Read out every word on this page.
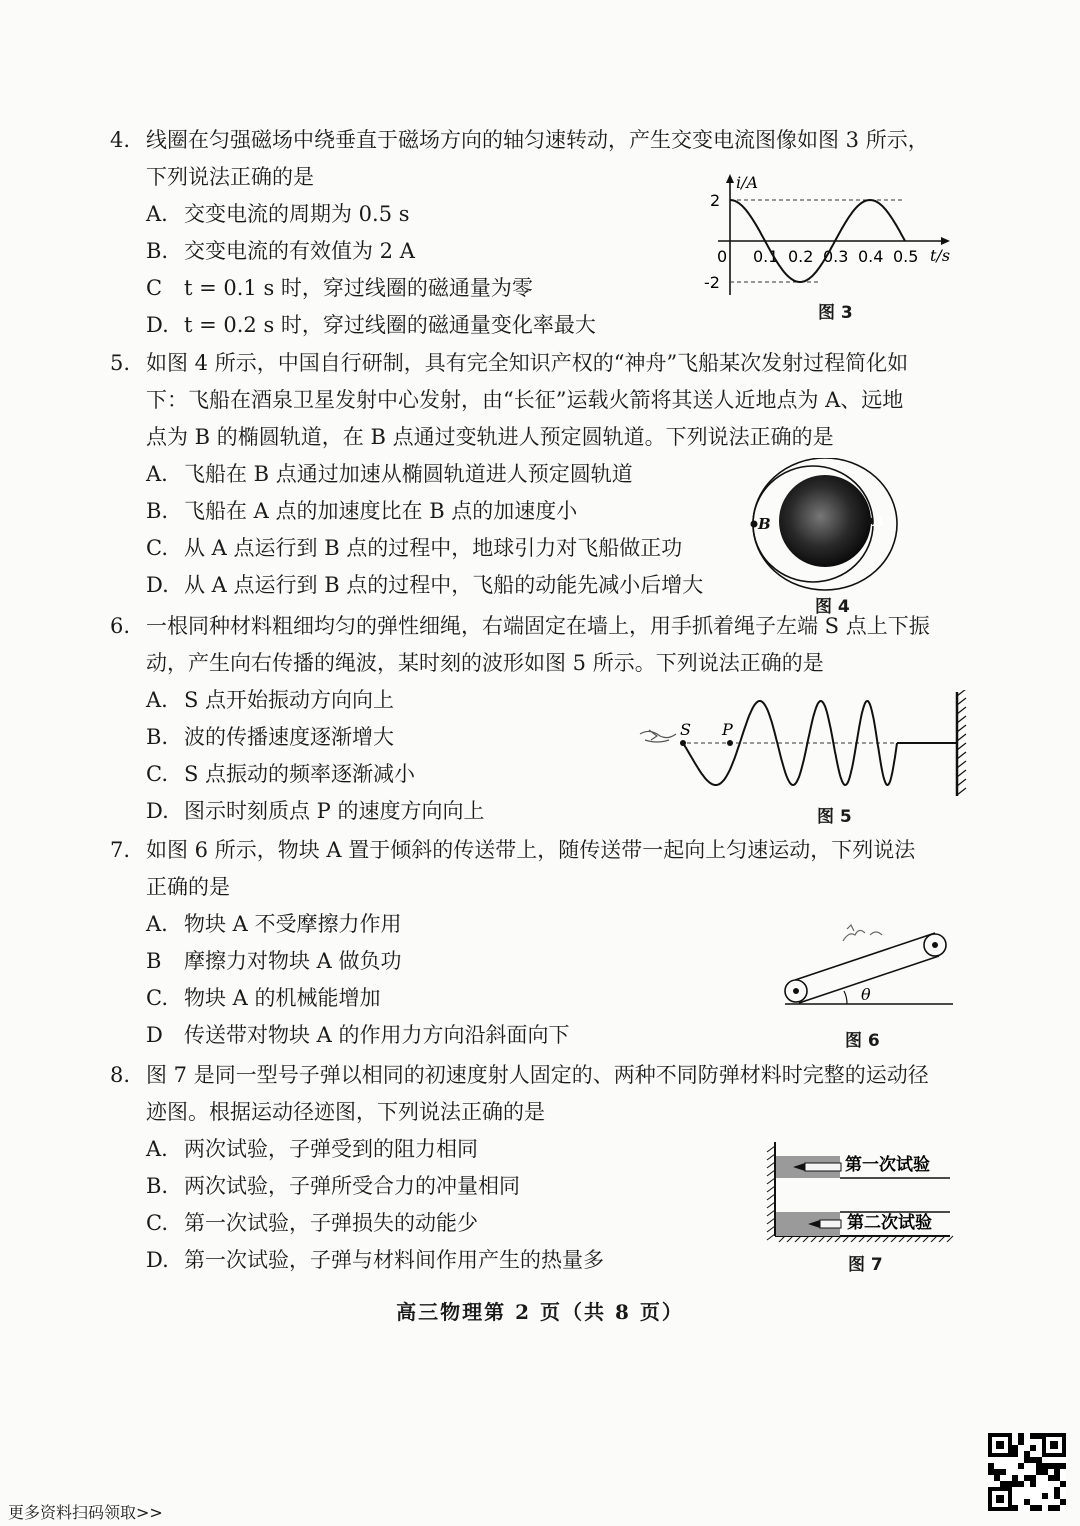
4. 线圈在匀强磁场中绕垂直于磁场方向的轴匀速转动，产生交变电流图像如图 3 所示，
下列说法正确的是
A. 交变电流的周期为 0.5 s
B. 交变电流的有效值为 2 A
C t = 0.1 s 时，穿过线圈的磁通量为零
D. t = 0.2 s 时，穿过线圈的磁通量变化率最大
i/A
t/s
2
-2
0 0.1 0.2 0.3 0.4 0.5
图 3
5. 如图 4 所示，中国自行研制，具有完全知识产权的“神舟”飞船某次发射过程简化如
下：飞船在酒泉卫星发射中心发射，由“长征”运载火箭将其送人近地点为 A、远地
点为 B 的椭圆轨道，在 B 点通过变轨进人预定圆轨道。下列说法正确的是
A. 飞船在 B 点通过加速从椭圆轨道进人预定圆轨道
B. 飞船在 A 点的加速度比在 B 点的加速度小
C. 从 A 点运行到 B 点的过程中，地球引力对飞船做正功
D. 从 A 点运行到 B 点的过程中，飞船的动能先减小后增大
B	A
图 4
6. 一根同种材料粗细均匀的弹性细绳，右端固定在墙上，用手抓着绳子左端 S 点上下振
动，产生向右传播的绳波，某时刻的波形如图 5 所示。下列说法正确的是
A. S 点开始振动方向向上
B. 波的传播速度逐渐增大
C. S 点振动的频率逐渐减小
D. 图示时刻质点 P 的速度方向向上
S P
图 5
7. 如图 6 所示，物块 A 置于倾斜的传送带上，随传送带一起向上匀速运动，下列说法
正确的是
A. 物块 A 不受摩擦力作用
B 摩擦力对物块 A 做负功
C. 物块 A 的机械能增加
D 传送带对物块 A 的作用力方向沿斜面向下
θ
图 6
8. 图 7 是同一型号子弹以相同的初速度射人固定的、两种不同防弹材料时完整的运动径
迹图。根据运动径迹图，下列说法正确的是
A. 两次试验，子弹受到的阻力相同
B. 两次试验，子弹所受合力的冲量相同
C. 第一次试验，子弹损失的动能少
D. 第一次试验，子弹与材料间作用产生的热量多
第一次试验
第二次试验
图 7
高三物理第 2 页（共 8 页）
更多资料扫码领取>>
